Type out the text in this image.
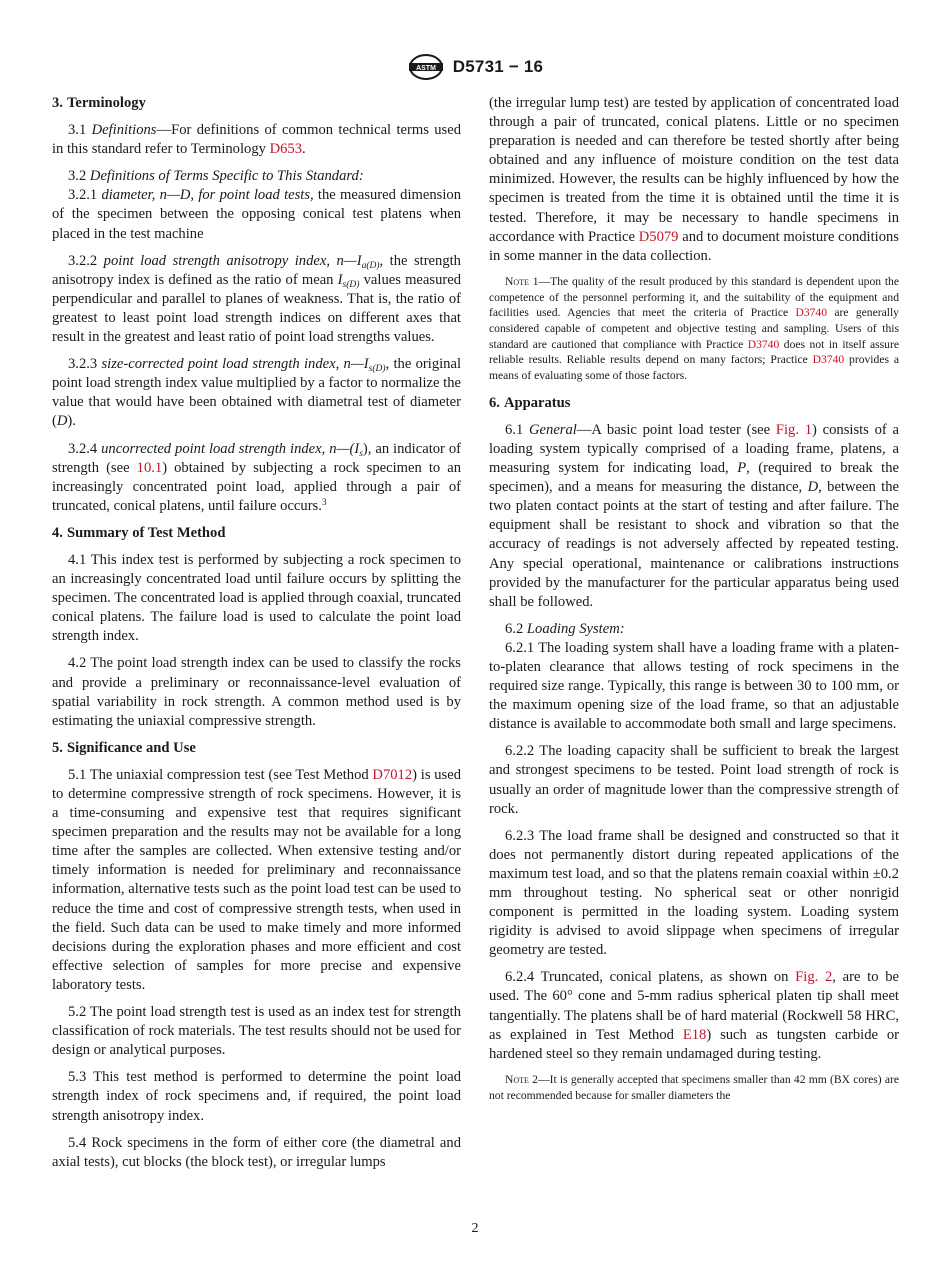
ASTM D5731 − 16
3. Terminology

3.1 Definitions—For definitions of common technical terms used in this standard refer to Terminology D653.

3.2 Definitions of Terms Specific to This Standard:

3.2.1 diameter, n—D, for point load tests, the measured dimension of the specimen between the opposing conical test platens when placed in the test machine

3.2.2 point load strength anisotropy index, $n—I_{a(D)}$, the strength anisotropy index is defined as the ratio of mean $I_{s(D)}$ values measured perpendicular and parallel to planes of weakness. That is, the ratio of greatest to least point load strength indices on different axes that result in the greatest and least ratio of point load strengths values.

3.2.3 size-corrected point load strength index, $n—I_{s(D)}$, the original point load strength index value multiplied by a factor to normalize the value that would have been obtained with diametral test of diameter (D).

3.2.4 uncorrected point load strength index, $n—(I_s)$, an indicator of strength (see 10.1) obtained by subjecting a rock specimen to an increasingly concentrated point load, applied through a pair of truncated, conical platens, until failure occurs.$^3$

4. Summary of Test Method

4.1 This index test is performed by subjecting a rock specimen to an increasingly concentrated load until failure occurs by splitting the specimen. The concentrated load is applied through coaxial, truncated conical platens. The failure load is used to calculate the point load strength index.

4.2 The point load strength index can be used to classify the rocks and provide a preliminary or reconnaissance-level evaluation of spatial variability in rock strength. A common method used is by estimating the uniaxial compressive strength.

5. Significance and Use

5.1 The uniaxial compression test (see Test Method D7012) is used to determine compressive strength of rock specimens. However, it is a time-consuming and expensive test that requires significant specimen preparation and the results may not be available for a long time after the samples are collected. When extensive testing and/or timely information is needed for preliminary and reconnaissance information, alternative tests such as the point load test can be used to reduce the time and cost of compressive strength tests, when used in the field. Such data can be used to make timely and more informed decisions during the exploration phases and more efficient and cost effective selection of samples for more precise and expensive laboratory tests.

5.2 The point load strength test is used as an index test for strength classification of rock materials. The test results should not be used for design or analytical purposes.

5.3 This test method is performed to determine the point load strength index of rock specimens and, if required, the point load strength anisotropy index.

5.4 Rock specimens in the form of either core (the diametral and axial tests), cut blocks (the block test), or irregular lumps

(the irregular lump test) are tested by application of concentrated load through a pair of truncated, conical platens. Little or no specimen preparation is needed and can therefore be tested shortly after being obtained and any influence of moisture condition on the test data minimized. However, the results can be highly influenced by how the specimen is treated from the time it is obtained until the time it is tested. Therefore, it may be necessary to handle specimens in accordance with Practice D5079 and to document moisture conditions in some manner in the data collection.

Note 1—The quality of the result produced by this standard is dependent upon the competence of the personnel performing it, and the suitability of the equipment and facilities used. Agencies that meet the criteria of Practice D3740 are generally considered capable of competent and objective testing and sampling. Users of this standard are cautioned that compliance with Practice D3740 does not in itself assure reliable results. Reliable results depend on many factors; Practice D3740 provides a means of evaluating some of those factors.

6. Apparatus

6.1 General—A basic point load tester (see Fig. 1) consists of a loading system typically comprised of a loading frame, platens, a measuring system for indicating load, P, (required to break the specimen), and a means for measuring the distance, D, between the two platen contact points at the start of testing and after failure. The equipment shall be resistant to shock and vibration so that the accuracy of readings is not adversely affected by repeated testing. Any special operational, maintenance or calibrations instructions provided by the manufacturer for the particular apparatus being used shall be followed.

6.2 Loading System:

6.2.1 The loading system shall have a loading frame with a platen-to-platen clearance that allows testing of rock specimens in the required size range. Typically, this range is between 30 to 100 mm, or the maximum opening size of the load frame, so that an adjustable distance is available to accommodate both small and large specimens.

6.2.2 The loading capacity shall be sufficient to break the largest and strongest specimens to be tested. Point load strength of rock is usually an order of magnitude lower than the compressive strength of rock.

6.2.3 The load frame shall be designed and constructed so that it does not permanently distort during repeated applications of the maximum test load, and so that the platens remain coaxial within ±0.2 mm throughout testing. No spherical seat or other nonrigid component is permitted in the loading system. Loading system rigidity is advised to avoid slippage when specimens of irregular geometry are tested.

6.2.4 Truncated, conical platens, as shown on Fig. 2, are to be used. The 60° cone and 5-mm radius spherical platen tip shall meet tangentially. The platens shall be of hard material (Rockwell 58 HRC, as explained in Test Method E18) such as tungsten carbide or hardened steel so they remain undamaged during testing.

Note 2—It is generally accepted that specimens smaller than 42 mm (BX cores) are not recommended because for smaller diameters the

2
